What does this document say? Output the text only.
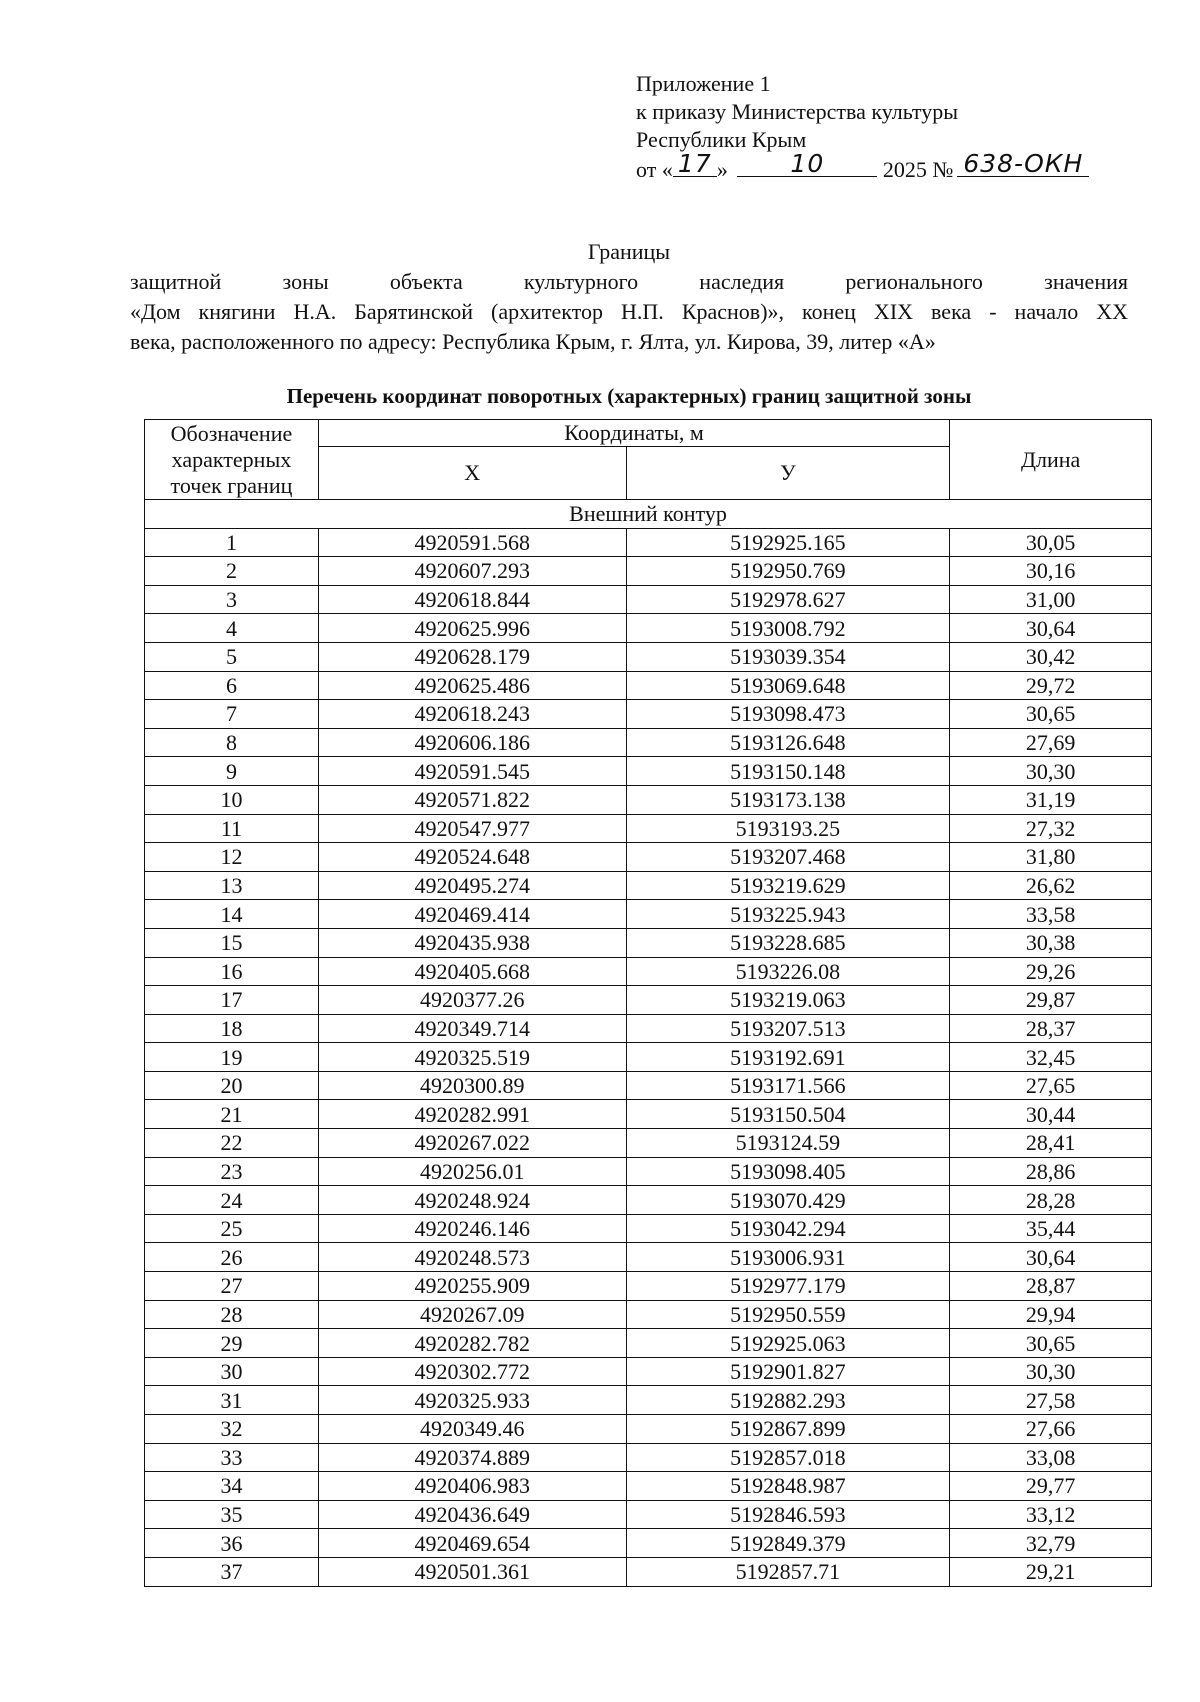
Приложение 1
к приказу Министерства культуры
Республики Крым
от « 17 »	10	2025 № 638-ОКН
Границы
защитной зоны объекта культурного наследия регионального значения
«Дом княгини Н.А. Барятинской (архитектор Н.П. Краснов)», конец XIX века - начало XX
века, расположенного по адресу: Республика Крым, г. Ялта, ул. Кирова, 39, литер «А»
Перечень координат поворотных (характерных) границ защитной зоны
Обозначение характерных точек границ	Координаты, м		Длина
	X	У	
Внешний контур			
1	4920591.568	5192925.165	30,05
2	4920607.293	5192950.769	30,16
3	4920618.844	5192978.627	31,00
4	4920625.996	5193008.792	30,64
5	4920628.179	5193039.354	30,42
6	4920625.486	5193069.648	29,72
7	4920618.243	5193098.473	30,65
8	4920606.186	5193126.648	27,69
9	4920591.545	5193150.148	30,30
10	4920571.822	5193173.138	31,19
11	4920547.977	5193193.25	27,32
12	4920524.648	5193207.468	31,80
13	4920495.274	5193219.629	26,62
14	4920469.414	5193225.943	33,58
15	4920435.938	5193228.685	30,38
16	4920405.668	5193226.08	29,26
17	4920377.26	5193219.063	29,87
18	4920349.714	5193207.513	28,37
19	4920325.519	5193192.691	32,45
20	4920300.89	5193171.566	27,65
21	4920282.991	5193150.504	30,44
22	4920267.022	5193124.59	28,41
23	4920256.01	5193098.405	28,86
24	4920248.924	5193070.429	28,28
25	4920246.146	5193042.294	35,44
26	4920248.573	5193006.931	30,64
27	4920255.909	5192977.179	28,87
28	4920267.09	5192950.559	29,94
29	4920282.782	5192925.063	30,65
30	4920302.772	5192901.827	30,30
31	4920325.933	5192882.293	27,58
32	4920349.46	5192867.899	27,66
33	4920374.889	5192857.018	33,08
34	4920406.983	5192848.987	29,77
35	4920436.649	5192846.593	33,12
36	4920469.654	5192849.379	32,79
37	4920501.361	5192857.71	29,21
